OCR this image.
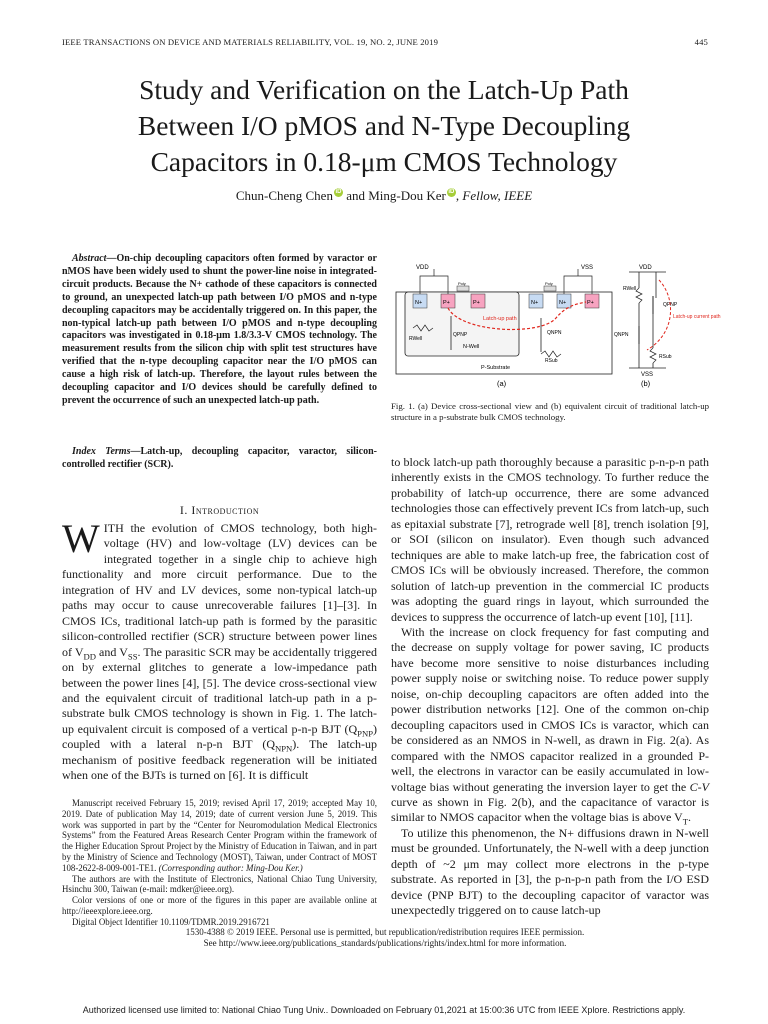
IEEE TRANSACTIONS ON DEVICE AND MATERIALS RELIABILITY, VOL. 19, NO. 2, JUNE 2019	445
Study and Verification on the Latch-Up Path
Between I/O pMOS and N-Type Decoupling
Capacitors in 0.18-μm CMOS Technology
Chun-Cheng Chen iD and Ming-Dou Ker iD , Fellow, IEEE
Abstract—On-chip decoupling capacitors often formed by varactor or nMOS have been widely used to shunt the power-line noise in integrated-circuit products. Because the N+ cathode of these capacitors is connected to ground, an unexpected latch-up path between I/O pMOS and n-type decoupling capacitors may be accidentally triggered on. In this paper, the non-typical latch-up path between I/O pMOS and n-type decoupling capacitors was investigated in 0.18-μm 1.8/3.3-V CMOS technology. The measurement results from the silicon chip with split test structures have verified that the n-type decoupling capacitor near the I/O pMOS can cause a high risk of latch-up. Therefore, the layout rules between the decoupling capacitor and I/O devices should be carefully defined to prevent the occurrence of such an unexpected latch-up path.
Index Terms—Latch-up, decoupling capacitor, varactor, silicon-controlled rectifier (SCR).
I. Introduction
WITH the evolution of CMOS technology, both high-voltage (HV) and low-voltage (LV) devices can be integrated together in a single chip to achieve high functionality and more circuit performance. Due to the integration of HV and LV devices, some non-typical latch-up paths may occur to cause unrecoverable failures [1]–[3]. In CMOS ICs, traditional latch-up path is formed by the parasitic silicon-controlled rectifier (SCR) structure between power lines of $V_{DD}$ and $V_{SS}$. The parasitic SCR may be accidentally triggered on by external glitches to generate a low-impedance path between the power lines [4], [5]. The device cross-sectional view and the equivalent circuit of traditional latch-up path in a p-substrate bulk CMOS technology is shown in Fig. 1. The latch-up equivalent circuit is composed of a vertical p-n-p BJT $(Q_{PNP})$ coupled with a lateral n-p-n BJT $(Q_{NPN})$. The latch-up mechanism of positive feedback regeneration will be initiated when one of the BJTs is turned on [6]. It is difficult

Manuscript received February 15, 2019; revised April 17, 2019; accepted May 10, 2019. Date of publication May 14, 2019; date of current version June 5, 2019. This work was supported in part by the “Center for Neuromodulation Medical Electronics Systems” from the Featured Areas Research Center Program within the framework of the Higher Education Sprout Project by the Ministry of Education in Taiwan, and in part by the Ministry of Science and Technology (MOST), Taiwan, under Contract of MOST 108-2622-8-009-001-TE1. (Corresponding author: Ming-Dou Ker.)

The authors are with the Institute of Electronics, National Chiao Tung University, Hsinchu 300, Taiwan (e-mail: mdker@ieee.org).

Color versions of one or more of the figures in this paper are available online at http://ieeexplore.ieee.org.

Digital Object Identifier 10.1109/TDMR.2019.2916721

N+	P+	P+	N+	N+	P+
Poly	Poly
VDD	VSS
Latch-up path
QPNP
RWell
N-Well
QNPN
RSub
P-Substrate
(a)
VDD
RWell
QPNP
QNPN
RSub
VSS
Latch-up current path
(b)
Fig. 1. (a) Device cross-sectional view and (b) equivalent circuit of traditional latch-up structure in a p-substrate bulk CMOS technology.

to block latch-up path thoroughly because a parasitic p-n-p-n path inherently exists in the CMOS technology. To further reduce the probability of latch-up occurrence, there are some advanced technologies those can effectively prevent ICs from latch-up, such as epitaxial substrate [7], retrograde well [8], trench isolation [9], or SOI (silicon on insulator). Even though such advanced techniques are able to make latch-up free, the fabrication cost of CMOS ICs will be obviously increased. Therefore, the common solution of latch-up prevention in the commercial IC products was adopting the guard rings in layout, which surrounded the devices to suppress the occurrence of latch-up event [10], [11].

With the increase on clock frequency for fast computing and the decrease on supply voltage for power saving, IC products have become more sensitive to noise disturbances including power supply noise or switching noise. To reduce power supply noise, on-chip decoupling capacitors are often added into the power distribution networks [12]. One of the common on-chip decoupling capacitors used in CMOS ICs is varactor, which can be considered as an NMOS in N-well, as drawn in Fig. 2(a). As compared with the NMOS capacitor realized in a grounded P-well, the electrons in varactor can be easily accumulated in low-voltage bias without generating the inversion layer to get the C-V curve as shown in Fig. 2(b), and the capacitance of varactor is similar to NMOS capacitor when the voltage bias is above $V_T$.

To utilize this phenomenon, the N+ diffusions drawn in N-well must be grounded. Unfortunately, the N-well with a deep junction depth of ~2 μm may collect more electrons in the p-type substrate. As reported in [3], the p-n-p-n path from the I/O ESD device (PNP BJT) to the decoupling capacitor of varactor was unexpectedly triggered on to cause latch-up

1530-4388 © 2019 IEEE. Personal use is permitted, but republication/redistribution requires IEEE permission.
See http://www.ieee.org/publications_standards/publications/rights/index.html for more information.
Authorized licensed use limited to: National Chiao Tung Univ.. Downloaded on February 01,2021 at 15:00:36 UTC from IEEE Xplore. Restrictions apply.
